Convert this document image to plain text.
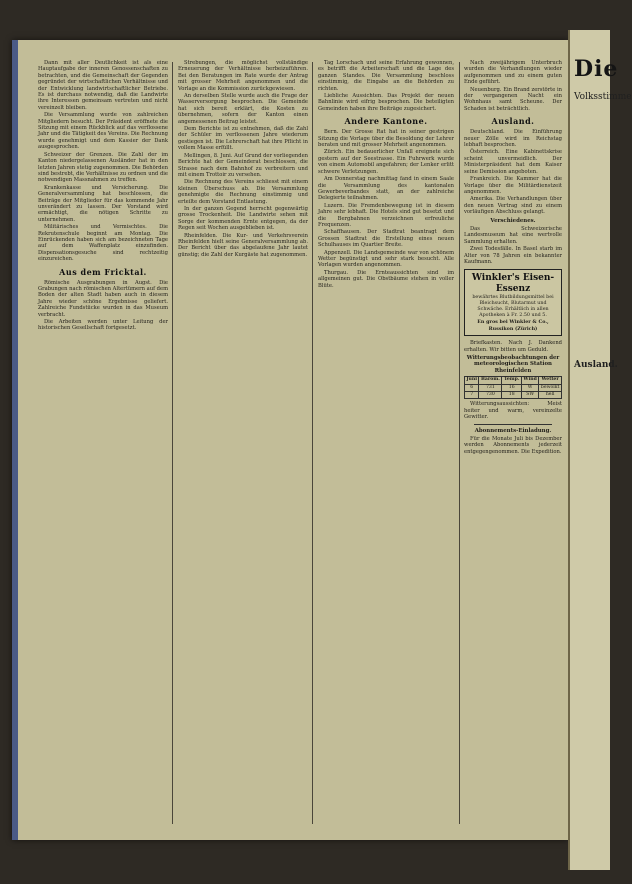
Dann mit aller Deutlichkeit ist als eine Hauptaufgabe der inneren Genossenschaften zu betrachten, und die Gemeinschaft der Gegenden gegründet der wirtschaftlichen Verhältnisse und der Entwicklung landwirtschaftlicher Betriebe. Es ist durchaus notwendig, daß die Landwirte ihre Interessen gemeinsam vertreten und nicht vereinzelt bleiben.

Die Versammlung wurde von zahlreichen Mitgliedern besucht. Der Präsident eröffnete die Sitzung mit einem Rückblick auf das verflossene Jahr und die Tätigkeit des Vereins. Die Rechnung wurde genehmigt und dem Kassier der Dank ausgesprochen.

Schweizer der Grenzen. Die Zahl der im Kanton niedergelassenen Ausländer hat in den letzten Jahren stetig zugenommen. Die Behörden sind bestrebt, die Verhältnisse zu ordnen und die notwendigen Massnahmen zu treffen.

Krankenkasse und Versicherung. Die Generalversammlung hat beschlossen, die Beiträge der Mitglieder für das kommende Jahr unverändert zu lassen. Der Vorstand wird ermächtigt, die nötigen Schritte zu unternehmen.

Militärisches und Vermischtes. Die Rekrutenschule beginnt am Montag. Die Einrückenden haben sich am bezeichneten Tage auf dem Waffenplatz einzufinden. Dispensationsgesuche sind rechtzeitig einzureichen.

Aus dem Fricktal.

Römische Ausgrabungen in Augst. Die Grabungen nach römischen Altertümern auf dem Boden der alten Stadt haben auch in diesem Jahre wieder schöne Ergebnisse geliefert. Zahlreiche Fundstücke wurden in das Museum verbracht.

Die Arbeiten werden unter Leitung der historischen Gesellschaft fortgesetzt.

Strebungen, die möglichst vollständige Erneuerung der Verhältnisse herbeizuführen. Bei den Beratungen im Rate wurde der Antrag mit grosser Mehrheit angenommen und die Vorlage an die Kommission zurückgewiesen.

An derselben Stelle wurde auch die Frage der Wasserversorgung besprochen. Die Gemeinde hat sich bereit erklärt, die Kosten zu übernehmen, sofern der Kanton einen angemessenen Beitrag leistet.

Dem Berichte ist zu entnehmen, daß die Zahl der Schüler im verflossenen Jahre wiederum gestiegen ist. Die Lehrerschaft hat ihre Pflicht in vollem Masse erfüllt.

Mellingen, 8. Juni. Auf Grund der vorliegenden Berichte hat der Gemeinderat beschlossen, die Strasse nach dem Bahnhof zu verbreitern und mit einem Trottoir zu versehen.

Die Rechnung des Vereins schliesst mit einem kleinen Überschuss ab. Die Versammlung genehmigte die Rechnung einstimmig und erteilte dem Vorstand Entlastung.

In der ganzen Gegend herrscht gegenwärtig grosse Trockenheit. Die Landwirte sehen mit Sorge der kommenden Ernte entgegen, da der Regen seit Wochen ausgeblieben ist.

Rheinfelden. Die Kur- und Verkehrsverein Rheinfelden hielt seine Generalversammlung ab. Der Bericht über das abgelaufene Jahr lautet günstig; die Zahl der Kurgäste hat zugenommen.

Tag Lorschach und seine Erfahrung gewonnen, es betrifft die Arbeiterschaft und die Lage des ganzen Standes. Die Versammlung beschloss einstimmig, die Eingabe an die Behörden zu richten.

Liebliche Aussichten. Das Projekt der neuen Bahnlinie wird eifrig besprochen. Die beteiligten Gemeinden haben ihre Beiträge zugesichert.

Andere Kantone.

Bern. Der Grosse Rat hat in seiner gestrigen Sitzung die Vorlage über die Besoldung der Lehrer beraten und mit grosser Mehrheit angenommen.

Zürich. Ein bedauerlicher Unfall ereignete sich gestern auf der Seestrasse. Ein Fuhrwerk wurde von einem Automobil angefahren; der Lenker erlitt schwere Verletzungen.

Am Donnerstag nachmittag fand in einem Saale die Versammlung des kantonalen Gewerbeverbandes statt, an der zahlreiche Delegierte teilnahmen.

Luzern. Die Fremdenbewegung ist in diesem Jahre sehr lebhaft. Die Hotels sind gut besetzt und die Bergbahnen verzeichnen erfreuliche Frequenzen.

Schaffhausen. Der Stadtrat beantragt dem Grossen Stadtrat die Erstellung eines neuen Schulhauses im Quartier Breite.

Appenzell. Die Landsgemeinde war von schönem Wetter begünstigt und sehr stark besucht. Alle Vorlagen wurden angenommen.

Thurgau. Die Ernteaussichten sind im allgemeinen gut. Die Obstbäume stehen in voller Blüte.

Nach zweijährigem Unterbruch wurden die Verhandlungen wieder aufgenommen und zu einem guten Ende geführt.

Neuenburg. Ein Brand zerstörte in der vergangenen Nacht ein Wohnhaus samt Scheune. Der Schaden ist beträchtlich.

Ausland.

Deutschland. Die Einführung neuer Zölle wird im Reichstag lebhaft besprochen.

Österreich. Eine Kabinettskrise scheint unvermeidlich. Der Ministerpräsident hat dem Kaiser seine Demission angeboten.

Frankreich. Die Kammer hat die Vorlage über die Militärdienstzeit angenommen.

Amerika. Die Verhandlungen über den neuen Vertrag sind zu einem vorläufigen Abschluss gelangt.

Verschiedenes.

Das Schweizerische Landesmuseum hat eine wertvolle Sammlung erhalten.

Zwei Todesfälle. In Basel starb im Alter von 78 Jahren ein bekannter Kaufmann.

Winkler's Eisen-Essenz
bewährtes Blutbildungsmittel bei Bleichsucht, Blutarmut und Schwäche. Erhältlich in allen Apotheken à Fr. 2.50 und 5.
En gros bei Winkler & Co., Russikon (Zürich)

Briefkasten. Nach J. Dankend erhalten. Wir bitten um Geduld.

Witterungsbeobachtungen der meteorologischen Station Rheinfelden
Juni	Barom.	Temp.	Wind	Wetter
6	731	16	W	bewölkt
7	730	18	SW	hell

Witterungsaussichten: Meist heiter und warm, vereinzelte Gewitter.

Abonnements-Einladung.

Für die Monate Juli bis Dezember werden Abonnements jederzeit entgegengenommen. Die Expedition.

Die
Volksstimme
Ausland.
